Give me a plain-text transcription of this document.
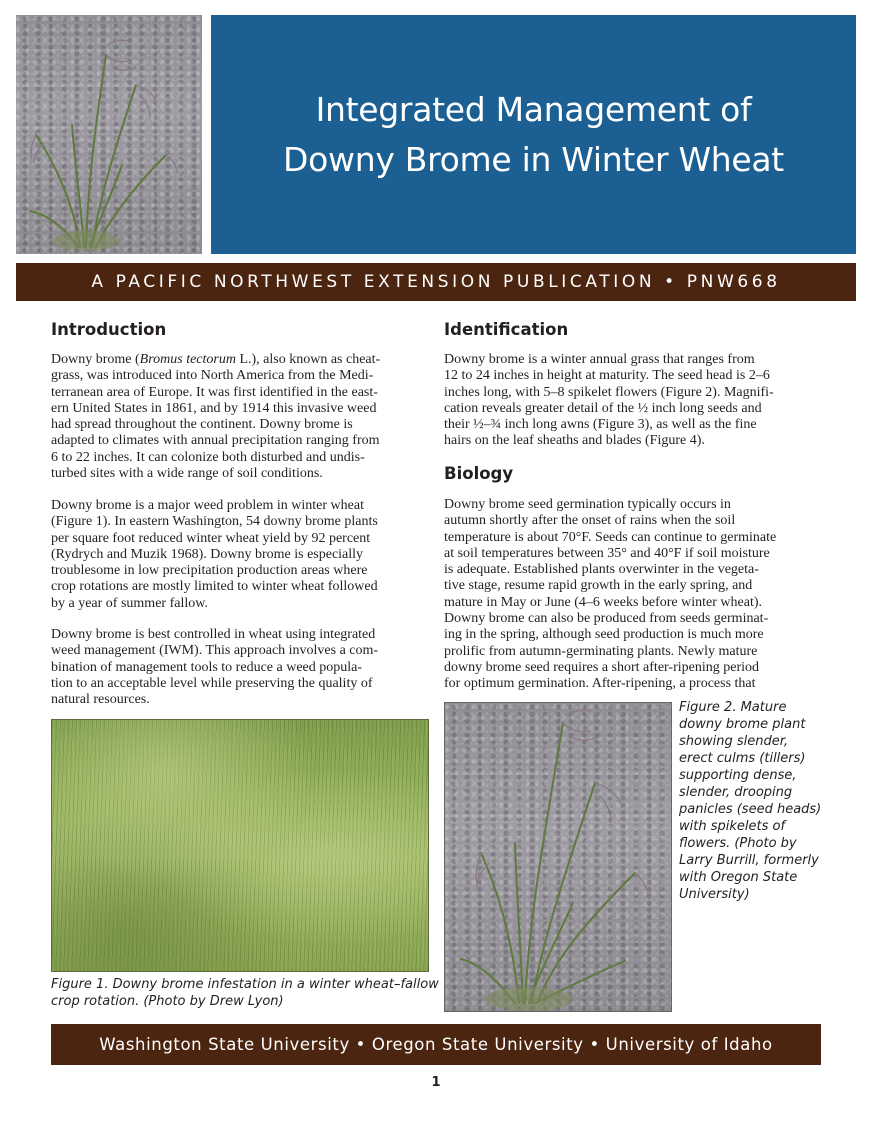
Integrated Management of
Downy Brome in Winter Wheat
A PACIFIC NORTHWEST EXTENSION PUBLICATION • PNW668
Introduction

Downy brome (Bromus tectorum L.), also known as cheat-
grass, was introduced into North America from the Medi-
terranean area of Europe. It was first identified in the east-
ern United States in 1861, and by 1914 this invasive weed
had spread throughout the continent. Downy brome is
adapted to climates with annual precipitation ranging from
6 to 22 inches. It can colonize both disturbed and undis-
turbed sites with a wide range of soil conditions.

Downy brome is a major weed problem in winter wheat
(Figure 1). In eastern Washington, 54 downy brome plants
per square foot reduced winter wheat yield by 92 percent
(Rydrych and Muzik 1968). Downy brome is especially
troublesome in low precipitation production areas where
crop rotations are mostly limited to winter wheat followed
by a year of summer fallow.

Downy brome is best controlled in wheat using integrated
weed management (IWM). This approach involves a com-
bination of management tools to reduce a weed popula-
tion to an acceptable level while preserving the quality of
natural resources.

Figure 1. Downy brome infestation in a winter wheat–fallow
crop rotation. (Photo by Drew Lyon)

Identification

Downy brome is a winter annual grass that ranges from
12 to 24 inches in height at maturity. The seed head is 2–6
inches long, with 5–8 spikelet flowers (Figure 2). Magnifi-
cation reveals greater detail of the ½ inch long seeds and
their ½–¾ inch long awns (Figure 3), as well as the fine
hairs on the leaf sheaths and blades (Figure 4).

Biology

Downy brome seed germination typically occurs in
autumn shortly after the onset of rains when the soil
temperature is about 70°F. Seeds can continue to germinate
at soil temperatures between 35° and 40°F if soil moisture
is adequate. Established plants overwinter in the vegeta-
tive stage, resume rapid growth in the early spring, and
mature in May or June (4–6 weeks before winter wheat).
Downy brome can also be produced from seeds germinat-
ing in the spring, although seed production is much more
prolific from autumn-germinating plants. Newly mature
downy brome seed requires a short after-ripening period
for optimum germination. After-ripening, a process that

Figure 2. Mature
downy brome plant
showing slender,
erect culms (tillers)
supporting dense,
slender, drooping
panicles (seed heads)
with spikelets of
flowers. (Photo by
Larry Burrill, formerly
with Oregon State
University)

Washington State University • Oregon State University • University of Idaho
1
